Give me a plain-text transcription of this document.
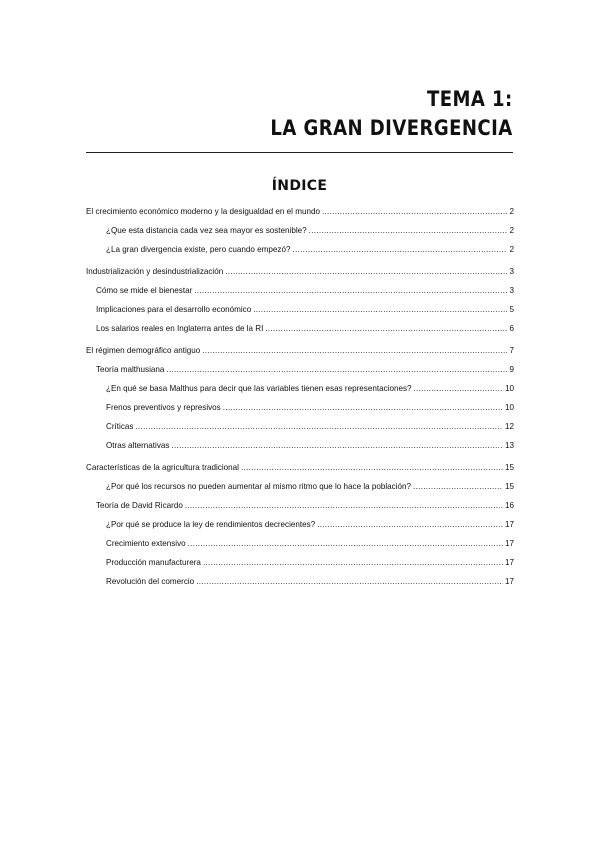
TEMA 1:
LA GRAN DIVERGENCIA
ÍNDICE
El crecimiento económico moderno y la desigualdad en el mundo .....	2
¿Que esta distancia cada vez sea mayor es sostenible? .....	2
¿La gran divergencia existe, pero cuando empezó? .....	2
Industrialización y desindustrialización .....	3
Cómo se mide el bienestar .....	3
Implicaciones para el desarrollo económico .....	5
Los salarios reales en Inglaterra antes de la RI .....	6
El régimen demográfico antiguo .....	7
Teoría malthusiana .....	9
¿En qué se basa Malthus para decir que las variables tienen esas representaciones? .....	10
Frenos preventivos y represivos .....	10
Críticas .....	12
Otras alternativas .....	13
Características de la agricultura tradicional .....	15
¿Por qué los recursos no pueden aumentar al mismo ritmo que lo hace la población? .....	15
Teoría de David Ricardo .....	16
¿Por qué se produce la ley de rendimientos decrecientes? .....	17
Crecimiento extensivo .....	17
Producción manufacturera .....	17
Revolución del comercio .....	17
